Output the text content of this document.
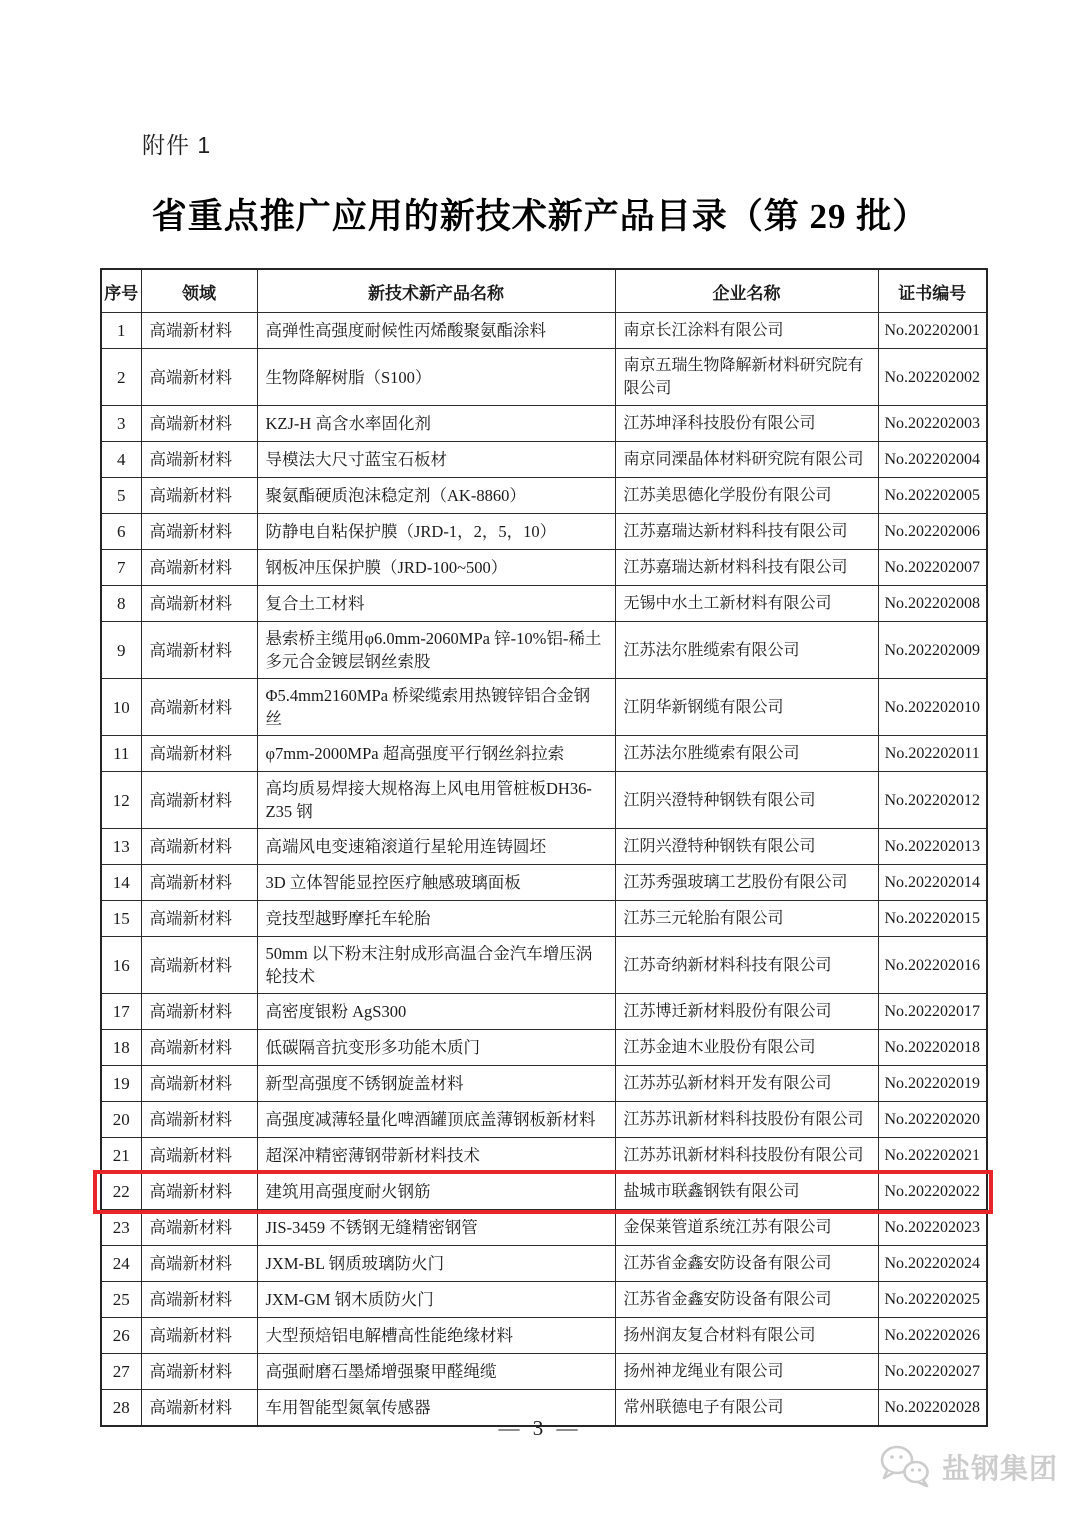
附件 1
省重点推广应用的新技术新产品目录（第 29 批）
序号	领域	新技术新产品名称	企业名称	证书编号
1	高端新材料	高弹性高强度耐候性丙烯酸聚氨酯涂料	南京长江涂料有限公司	No.202202001
2	高端新材料	生物降解树脂（S100）	南京五瑞生物降解新材料研究院有限公司	No.202202002
3	高端新材料	KZJ-H 高含水率固化剂	江苏坤泽科技股份有限公司	No.202202003
4	高端新材料	导模法大尺寸蓝宝石板材	南京同溧晶体材料研究院有限公司	No.202202004
5	高端新材料	聚氨酯硬质泡沫稳定剂（AK-8860）	江苏美思德化学股份有限公司	No.202202005
6	高端新材料	防静电自粘保护膜（JRD-1，2，5，10）	江苏嘉瑞达新材料科技有限公司	No.202202006
7	高端新材料	钢板冲压保护膜（JRD-100~500）	江苏嘉瑞达新材料科技有限公司	No.202202007
8	高端新材料	复合土工材料	无锡中水土工新材料有限公司	No.202202008
9	高端新材料	悬索桥主缆用φ6.0mm-2060MPa 锌-10%铝-稀土多元合金镀层钢丝索股	江苏法尔胜缆索有限公司	No.202202009
10	高端新材料	Φ5.4mm2160MPa 桥梁缆索用热镀锌铝合金钢丝	江阴华新钢缆有限公司	No.202202010
11	高端新材料	φ7mm-2000MPa 超高强度平行钢丝斜拉索	江苏法尔胜缆索有限公司	No.202202011
12	高端新材料	高均质易焊接大规格海上风电用管桩板DH36-Z35 钢	江阴兴澄特种钢铁有限公司	No.202202012
13	高端新材料	高端风电变速箱滚道行星轮用连铸圆坯	江阴兴澄特种钢铁有限公司	No.202202013
14	高端新材料	3D 立体智能显控医疗触感玻璃面板	江苏秀强玻璃工艺股份有限公司	No.202202014
15	高端新材料	竞技型越野摩托车轮胎	江苏三元轮胎有限公司	No.202202015
16	高端新材料	50mm 以下粉末注射成形高温合金汽车增压涡轮技术	江苏奇纳新材料科技有限公司	No.202202016
17	高端新材料	高密度银粉 AgS300	江苏博迁新材料股份有限公司	No.202202017
18	高端新材料	低碳隔音抗变形多功能木质门	江苏金迪木业股份有限公司	No.202202018
19	高端新材料	新型高强度不锈钢旋盖材料	江苏苏弘新材料开发有限公司	No.202202019
20	高端新材料	高强度减薄轻量化啤酒罐顶底盖薄钢板新材料	江苏苏讯新材料科技股份有限公司	No.202202020
21	高端新材料	超深冲精密薄钢带新材料技术	江苏苏讯新材料科技股份有限公司	No.202202021
22	高端新材料	建筑用高强度耐火钢筋	盐城市联鑫钢铁有限公司	No.202202022
23	高端新材料	JIS-3459 不锈钢无缝精密钢管	金保莱管道系统江苏有限公司	No.202202023
24	高端新材料	JXM-BL 钢质玻璃防火门	江苏省金鑫安防设备有限公司	No.202202024
25	高端新材料	JXM-GM 钢木质防火门	江苏省金鑫安防设备有限公司	No.202202025
26	高端新材料	大型预焙铝电解槽高性能绝缘材料	扬州润友复合材料有限公司	No.202202026
27	高端新材料	高强耐磨石墨烯增强聚甲醛绳缆	扬州神龙绳业有限公司	No.202202027
28	高端新材料	车用智能型氮氧传感器	常州联德电子有限公司	No.202202028
— 3 —
盐钢集团
